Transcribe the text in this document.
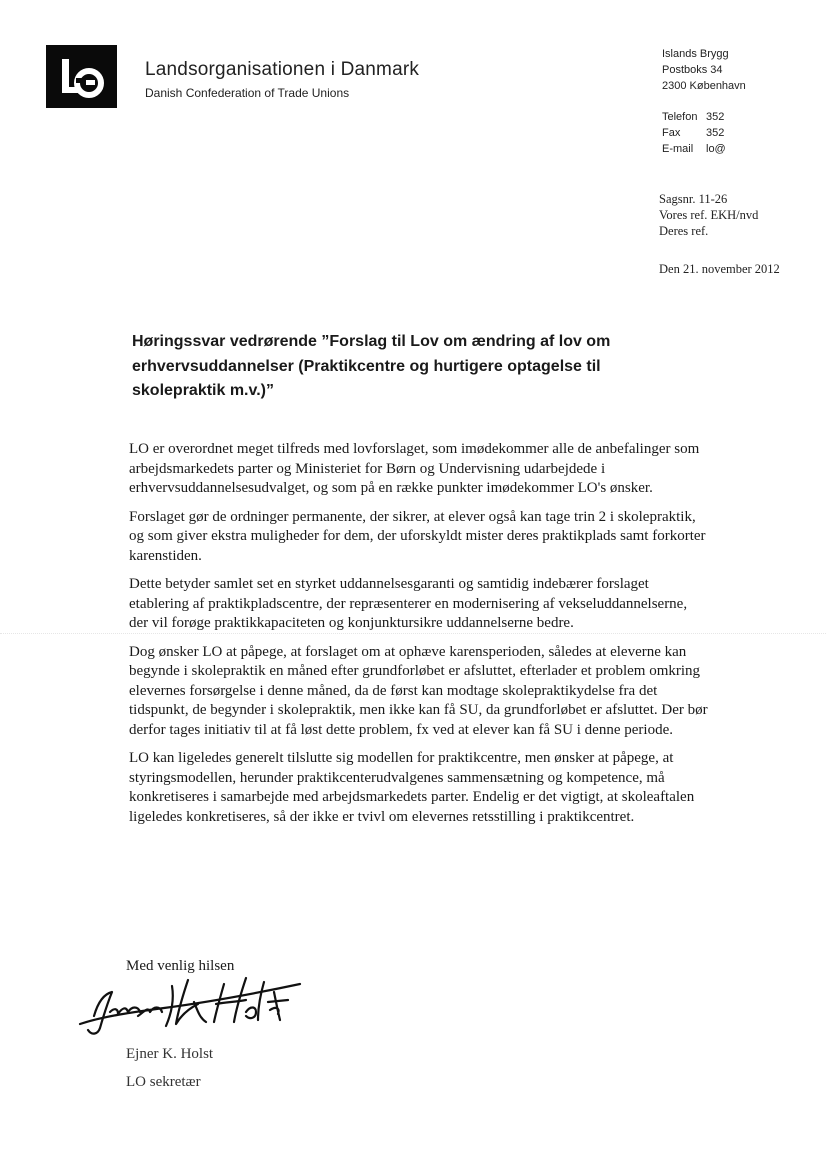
Landsorganisationen i Danmark
Danish Confederation of Trade Unions
Islands Brygg
Postboks 34
2300 København
Telefon 352
Fax 352
E-mail lo@
Sagsnr. 11-26
Vores ref. EKH/nvd
Deres ref.
Den 21. november 2012
Høringssvar vedrørende ”Forslag til Lov om ændring af lov om erhvervsuddannelser (Praktikcentre og hurtigere optagelse til skolepraktik m.v.)”

LO er overordnet meget tilfreds med lovforslaget, som imødekommer alle de anbefalinger som arbejdsmarkedets parter og Ministeriet for Børn og Undervisning udarbejdede i erhvervsuddannelsesudvalget, og som på en række punkter imødekommer LO's ønsker.

Forslaget gør de ordninger permanente, der sikrer, at elever også kan tage trin 2 i skolepraktik, og som giver ekstra muligheder for dem, der uforskyldt mister deres praktikplads samt forkorter karenstiden.

Dette betyder samlet set en styrket uddannelsesgaranti og samtidig indebærer forslaget etablering af praktikpladscentre, der repræsenterer en modernisering af vekseluddannelserne, der vil forøge praktikkapaciteten og konjunktursikre uddannelserne bedre.

Dog ønsker LO at påpege, at forslaget om at ophæve karensperioden, således at eleverne kan begynde i skolepraktik en måned efter grundforløbet er afsluttet, efterlader et problem omkring elevernes forsørgelse i denne måned, da de først kan modtage skolepraktikydelse fra det tidspunkt, de begynder i skolepraktik, men ikke kan få SU, da grundforløbet er afsluttet. Der bør derfor tages initiativ til at få løst dette problem, fx ved at elever kan få SU i denne periode.

LO kan ligeledes generelt tilslutte sig modellen for praktikcentre, men ønsker at påpege, at styringsmodellen, herunder praktikcenterudvalgenes sammensætning og kompetence, må konkretiseres i samarbejde med arbejdsmarkedets parter. Endelig er det vigtigt, at skoleaftalen ligeledes konkretiseres, så der ikke er tvivl om elevernes retsstilling i praktikcentret.

Med venlig hilsen
Ejner K. Holst
LO sekretær
